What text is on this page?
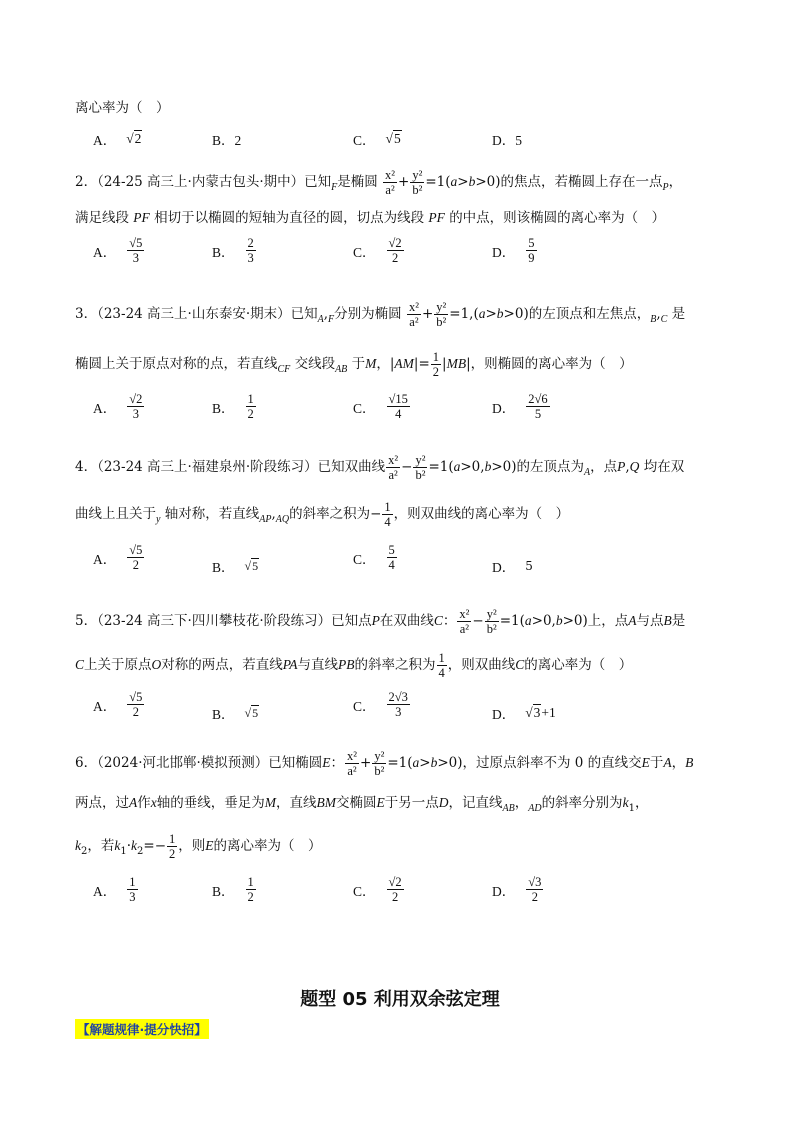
离心率为（　）
A． √2	B．2	C． √5	D．5
2．（24-25 高三上·内蒙古包头·期中）已知$_F$是椭圆 $\frac{\text{x²}}{\text{a²}} + \frac{\text{y²}}{\text{b²}} =1(a>b>0)$的焦点，若椭圆上存在一点$_P$，
满足线段 PF 相切于以椭圆的短轴为直径的圆，切点为线段 PF 的中点，则该椭圆的离心率为（　）
A． $\frac{√5}{3}$	B． $\frac{2}{3}$	C． $\frac{√2}{2}$	D． $\frac{5}{9}$
3．（23-24 高三上·山东泰安·期末）已知$_A,_F$分别为椭圆 $\frac{\text{x²}}{\text{a²}} + \frac{\text{y²}}{\text{b²}} =1,(a>b>0)$的左顶点和左焦点，$_B,_C$ 是
椭圆上关于原点对称的点，若直线$_{CF}$ 交线段$_{AB}$ 于M，$|AM|= \frac{1}{2} |MB|$，则椭圆的离心率为（　）
A． $\frac{√2}{3}$	B． $\frac{1}{2}$	C． $\frac{√15}{4}$	D． $\frac{2√6}{5}$
4．（23-24 高三上·福建泉州·阶段练习）已知双曲线 $\frac{\text{x²}}{\text{a²}} - \frac{\text{y²}}{\text{b²}} =1(a>0,b>0)$的左顶点为$_A$，点P,Q 均在双
曲线上且关于$_y$ 轴对称，若直线$_{AP},_{AQ}$的斜率之积为− $\frac{1}{4}$ ，则双曲线的离心率为（　）
A． $\frac{√5}{2}$	B． √5	C． $\frac{5}{4}$	D． 5
5．（23-24 高三下·四川攀枝花·阶段练习）已知点P在双曲线C： $\frac{\text{x²}}{\text{a²}} - \frac{\text{y²}}{\text{b²}} =1(a>0,b>0)$上，点A与点B是
C上关于原点O对称的两点，若直线PA与直线PB的斜率之积为 $\frac{1}{4}$ ，则双曲线C的离心率为（　）
A． $\frac{√5}{2}$	B． √5	C． $\frac{2√3}{3}$	D． √3+1
6．（2024·河北邯郸·模拟预测）已知椭圆E： $\frac{\text{x²}}{\text{a²}} + \frac{\text{y²}}{\text{b²}} =1(a>b>0)$，过原点斜率不为 0 的直线交E于A，B
两点，过A作x轴的垂线，垂足为M，直线BM交椭圆E于另一点D，记直线$_{AB}$，$_{AD}$的斜率分别为$k_1$，
$k_2$，若$k_1\cdot k_2=- \frac{1}{2}$ ，则E的离心率为（　）
A． $\frac{1}{3}$	B． $\frac{1}{2}$	C． $\frac{√2}{2}$	D． $\frac{√3}{2}$
题型 05 利用双余弦定理
【解题规律·提分快招】
